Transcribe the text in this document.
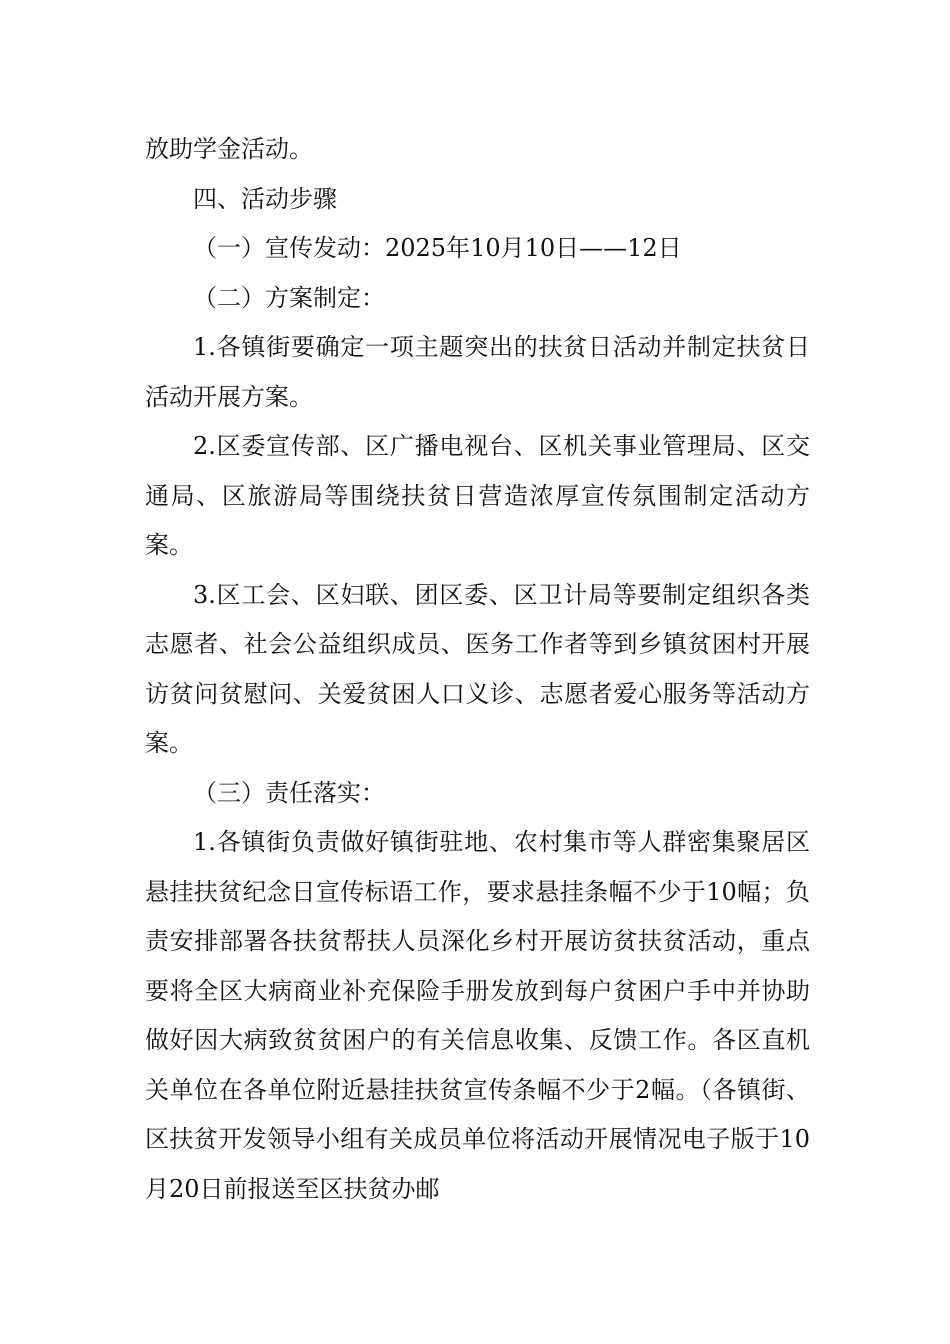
放助学金活动。

四、活动步骤

（一）宣传发动：2025年10月10日——12日

（二）方案制定：

1.各镇街要确定一项主题突出的扶贫日活动并制定扶贫日活动开展方案。

2.区委宣传部、区广播电视台、区机关事业管理局、区交通局、区旅游局等围绕扶贫日营造浓厚宣传氛围制定活动方案。

3.区工会、区妇联、团区委、区卫计局等要制定组织各类志愿者、社会公益组织成员、医务工作者等到乡镇贫困村开展访贫问贫慰问、关爱贫困人口义诊、志愿者爱心服务等活动方案。

（三）责任落实：

1.各镇街负责做好镇街驻地、农村集市等人群密集聚居区悬挂扶贫纪念日宣传标语工作，要求悬挂条幅不少于10幅；负责安排部署各扶贫帮扶人员深化乡村开展访贫扶贫活动，重点要将全区大病商业补充保险手册发放到每户贫困户手中并协助做好因大病致贫贫困户的有关信息收集、反馈工作。各区直机关单位在各单位附近悬挂扶贫宣传条幅不少于2幅。（各镇街、区扶贫开发领导小组有关成员单位将活动开展情况电子版于10月20日前报送至区扶贫办邮
